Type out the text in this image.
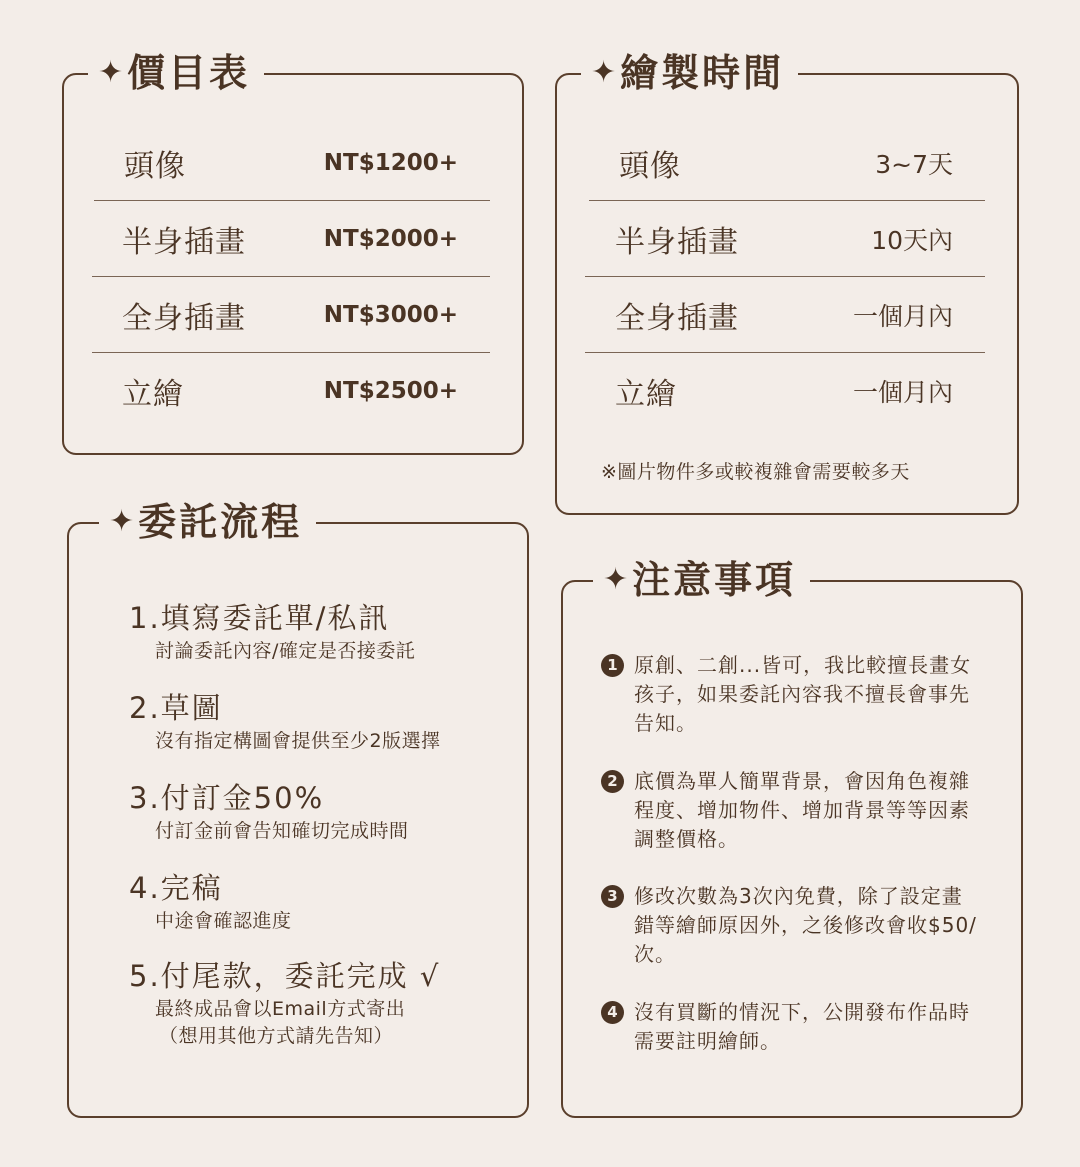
✦ 價目表
頭像	NT$1200+
半身插畫	NT$2000+
全身插畫	NT$3000+
立繪	NT$2500+
✦ 繪製時間
頭像	3~7天
半身插畫	10天內
全身插畫	一個月內
立繪	一個月內
※圖片物件多或較複雜會需要較多天
✦ 委託流程
1.填寫委託單/私訊
討論委託內容/確定是否接委託
2.草圖
沒有指定構圖會提供至少2版選擇
3.付訂金50%
付訂金前會告知確切完成時間
4.完稿
中途會確認進度
5.付尾款，委託完成 √
最終成品會以Email方式寄出
（想用其他方式請先告知）
✦ 注意事項
1 原創、二創...皆可，我比較擅長畫女孩子，如果委託內容我不擅長會事先告知。
2 底價為單人簡單背景，會因角色複雜程度、增加物件、增加背景等等因素調整價格。
3 修改次數為3次內免費，除了設定畫錯等繪師原因外，之後修改會收$50/次。
4 沒有買斷的情況下，公開發布作品時需要註明繪師。
